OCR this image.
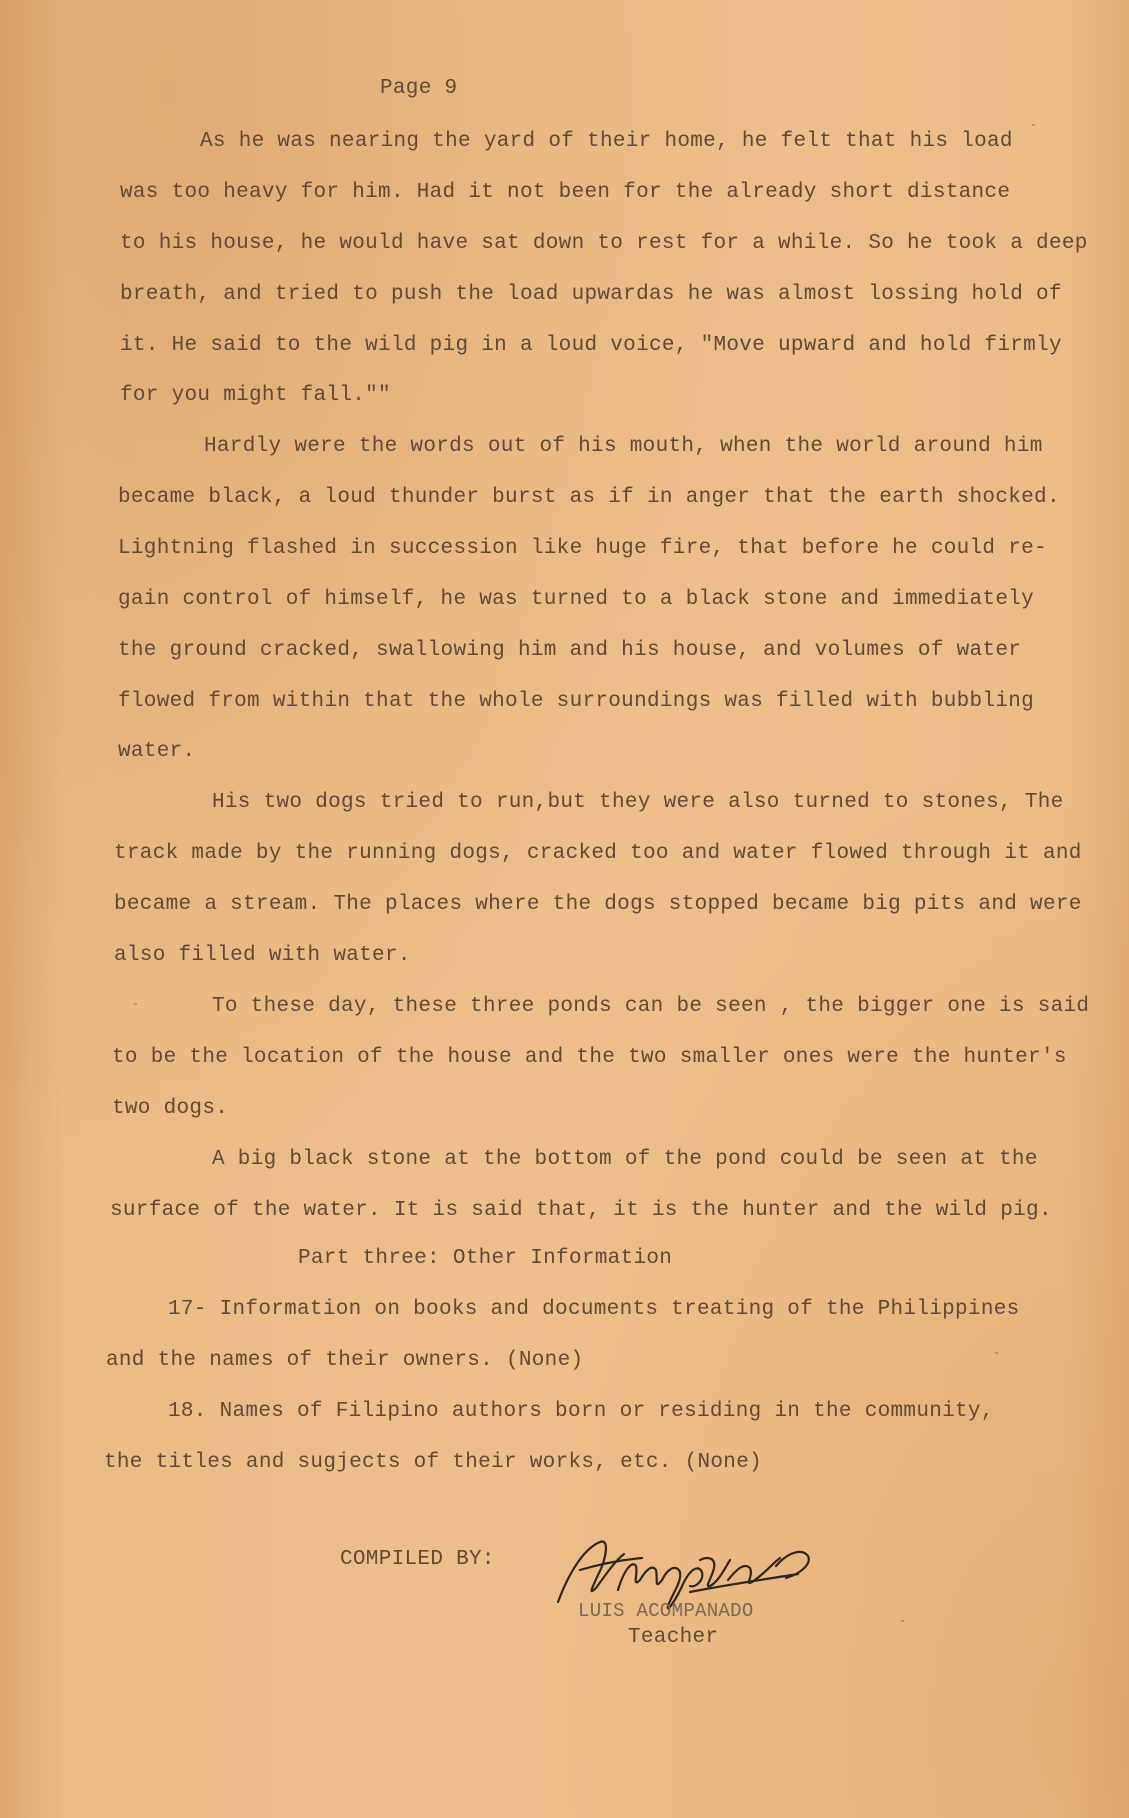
Page 9

As he was nearing the yard of their home, he felt that his load

was too heavy for him. Had it not been for the already short distance

to his house, he would have sat down to rest for a while. So he took a deep

breath, and tried to push the load upwardas he was almost lossing hold of

it. He said to the wild pig in a loud voice, "Move upward and hold firmly

for you might fall.""

Hardly were the words out of his mouth, when the world around him

became black, a loud thunder burst as if in anger that the earth shocked.

Lightning flashed in succession like huge fire, that before he could re-

gain control of himself, he was turned to a black stone and immediately

the ground cracked, swallowing him and his house, and volumes of water

flowed from within that the whole surroundings was filled with bubbling

water.

His two dogs tried to run,but they were also turned to stones, The

track made by the running dogs, cracked too and water flowed through it and

became a stream. The places where the dogs stopped became big pits and were

also filled with water.

To these day, these three ponds can be seen , the bigger one is said

to be the location of the house and the two smaller ones were the hunter's

two dogs.

A big black stone at the bottom of the pond could be seen at the

surface of the water. It is said that, it is the hunter and the wild pig.

Part three: Other Information

17- Information on books and documents treating of the Philippines

and the names of their owners. (None)

18. Names of Filipino authors born or residing in the community,

the titles and sugjects of their works, etc. (None)

COMPILED BY:

LUIS ACOMPANADO

Teacher
